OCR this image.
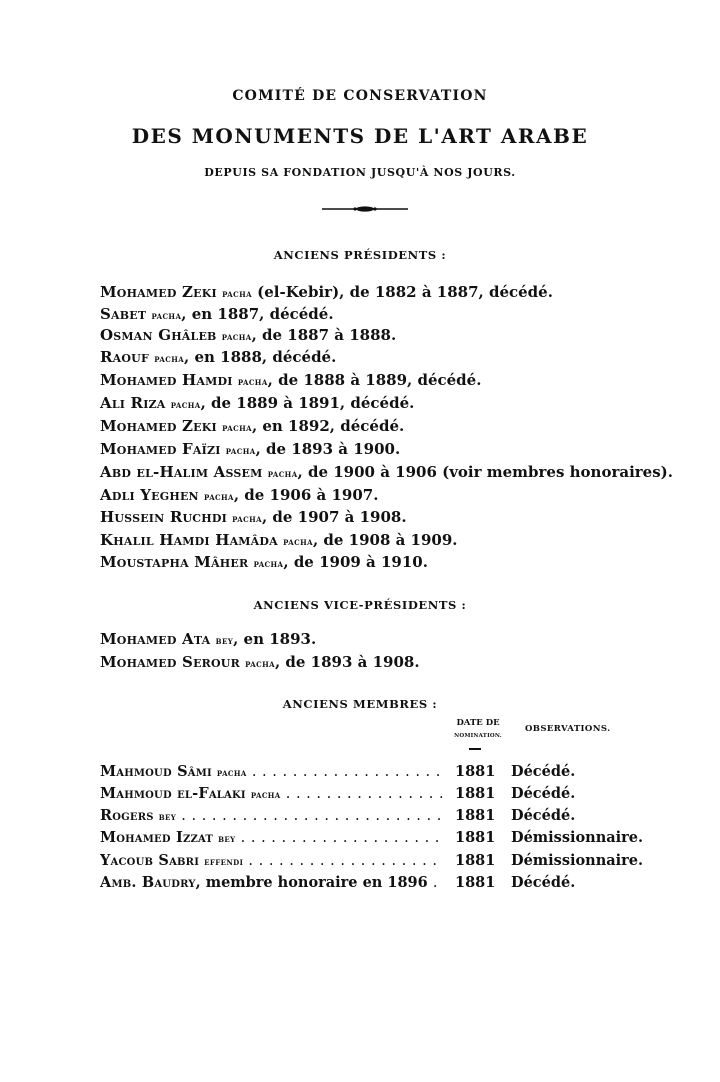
COMITÉ DE CONSERVATION
DES MONUMENTS DE L'ART ARABE
DEPUIS SA FONDATION JUSQU'À NOS JOURS.
ANCIENS PRÉSIDENTS :
Mohamed Zeki pacha (el-Kebir), de 1882 à 1887, décédé.
Sabet pacha, en 1887, décédé.
Osman Ghâleb pacha, de 1887 à 1888.
Raouf pacha, en 1888, décédé.
Mohamed Hamdi pacha, de 1888 à 1889, décédé.
Ali Riza pacha, de 1889 à 1891, décédé.
Mohamed Zeki pacha, en 1892, décédé.
Mohamed Faïzi pacha, de 1893 à 1900.
Abd el-Halim Assem pacha, de 1900 à 1906 (voir membres honoraires).
Adli Yeghen pacha, de 1906 à 1907.
Hussein Ruchdi pacha, de 1907 à 1908.
Khalil Hamdi Hamâda pacha, de 1908 à 1909.
Moustapha Mâher pacha, de 1909 à 1910.
ANCIENS VICE-PRÉSIDENTS :
Mohamed Ata bey, en 1893.
Mohamed Serour pacha, de 1893 à 1908.
ANCIENS MEMBRES :
DATE DE
NOMINATION.
OBSERVATIONS.
Mahmoud Sâmi pacha . . .	1881 Décédé.
Mahmoud el-Falaki pacha . . .	1881 Décédé.
Rogers bey . . .	1881 Décédé.
Mohamed Izzat bey . . .	1881 Démissionnaire.
Yacoub Sabri effendi . . .	1881 Démissionnaire.
Amb. Baudry, membre honoraire en 1896 . . .	1881 Décédé.
